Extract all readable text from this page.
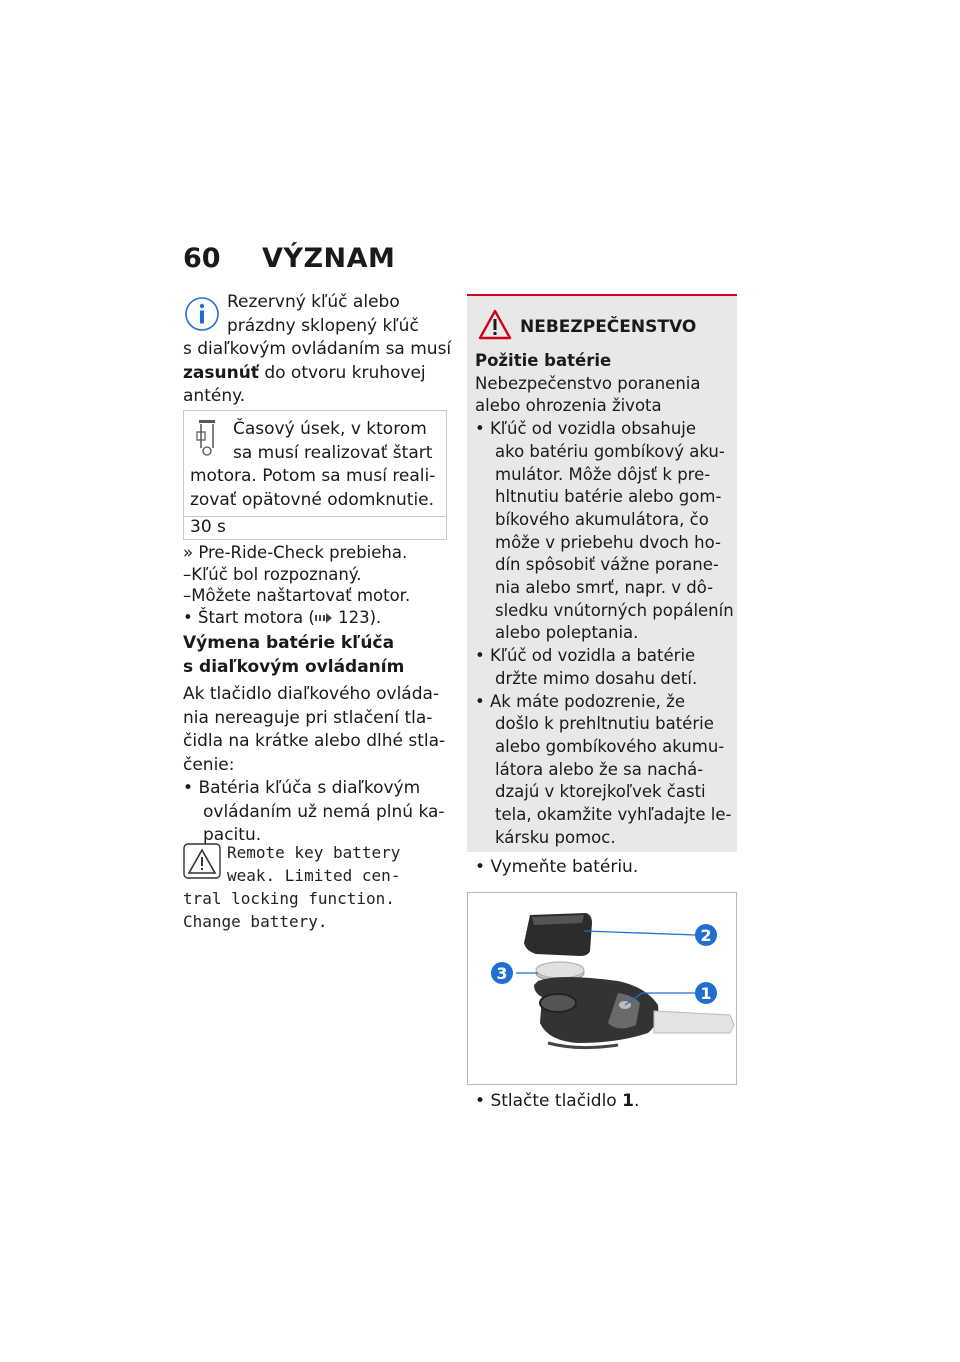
60 VÝZNAM
Rezervný kľúč alebo
prázdny sklopený kľúč
s diaľkovým ovládaním sa musí
zasunúť do otvoru kruhovej
antény.
Časový úsek, v ktorom
sa musí realizovať štart
motora. Potom sa musí reali-
zovať opätovné odomknutie.
30 s
» Pre-Ride-Check prebieha.
–Kľúč bol rozpoznaný.
–Môžete naštartovať motor.
• Štart motora ( 123).
Výmena batérie kľúča
s diaľkovým ovládaním
Ak tlačidlo diaľkového ovláda-
nia nereaguje pri stlačení tla-
čidla na krátke alebo dlhé stla-
čenie:
• Batéria kľúča s diaľkovým
ovládaním už nemá plnú ka-
pacitu.
Remote key battery
weak. Limited cen-
tral locking function.
Change battery.
NEBEZPEČENSTVO
Požitie batérie
Nebezpečenstvo poranenia
alebo ohrozenia života
• Kľúč od vozidla obsahuje
ako batériu gombíkový aku-
mulátor. Môže dôjsť k pre-
hltnutiu batérie alebo gom-
bíkového akumulátora, čo
môže v priebehu dvoch ho-
dín spôsobiť vážne porane-
nia alebo smrť, napr. v dô-
sledku vnútorných popálenín
alebo poleptania.
• Kľúč od vozidla a batérie
držte mimo dosahu detí.
• Ak máte podozrenie, že
došlo k prehltnutiu batérie
alebo gombíkového akumu-
látora alebo že sa nachá-
dzajú v ktorejkoľvek časti
tela, okamžite vyhľadajte le-
kársku pomoc.
• Vymeňte batériu.
2
1
3
• Stlačte tlačidlo 1.
